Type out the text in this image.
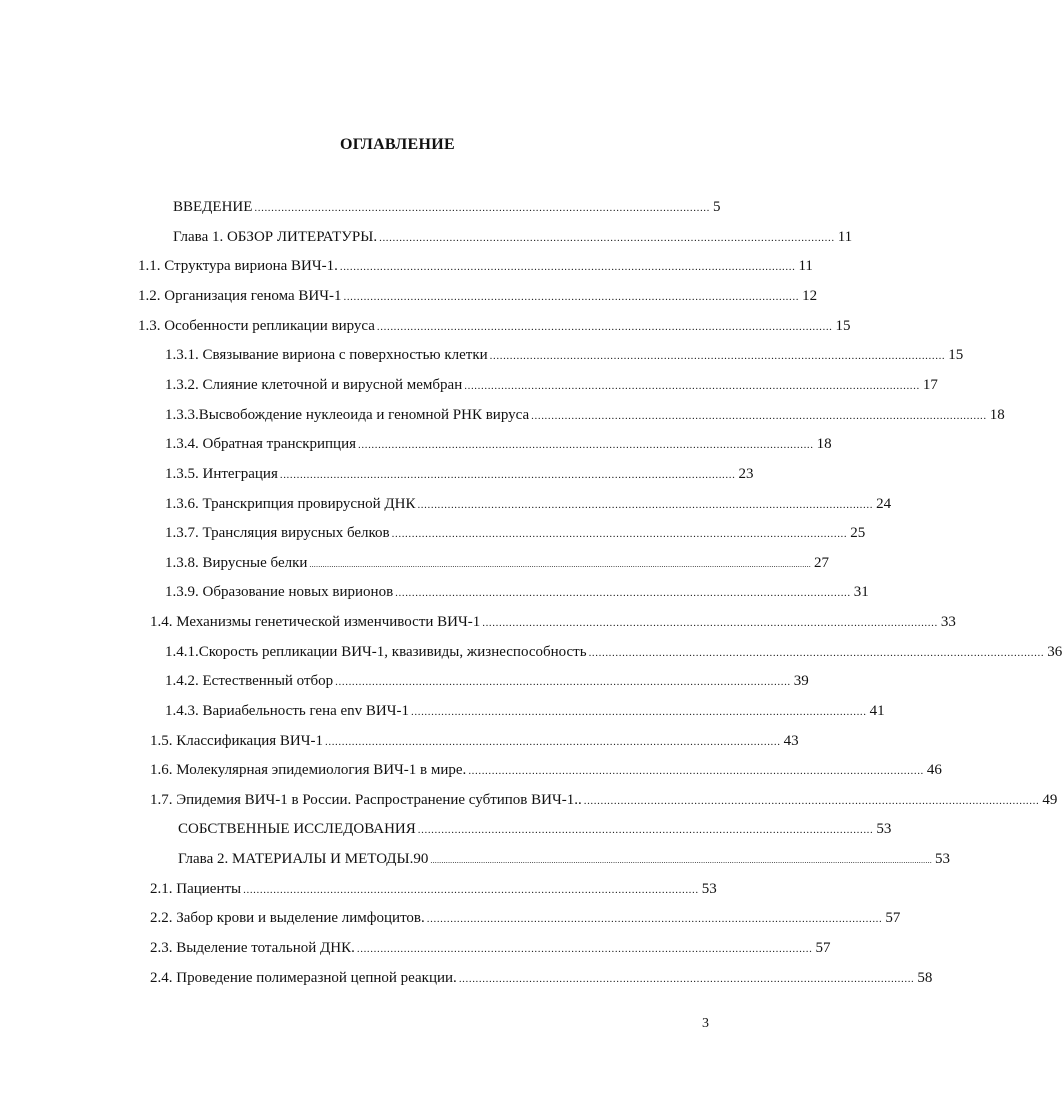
ОГЛАВЛЕНИЕ
ВВЕДЕНИЕ ........................................................................................................................................ 5
Глава 1. ОБЗОР ЛИТЕРАТУРЫ. ........................................................................................................................................ 11
1.1. Структура вириона ВИЧ-1. ........................................................................................................................................ 11
1.2. Организация генома ВИЧ-1 ........................................................................................................................................ 12
1.3. Особенности репликации вируса ........................................................................................................................................ 15
1.3.1. Связывание вириона с поверхностью клетки ........................................................................................................................................ 15
1.3.2. Слияние клеточной и вирусной мембран ........................................................................................................................................ 17
1.3.3.Высвобождение нуклеоида и геномной РНК вируса ........................................................................................................................................ 18
1.3.4. Обратная транскрипция ........................................................................................................................................ 18
1.3.5. Интеграция ........................................................................................................................................ 23
1.3.6. Транскрипция провирусной ДНК ........................................................................................................................................ 24
1.3.7. Трансляция вирусных белков ........................................................................................................................................ 25
1.3.8. Вирусные белки .................................................................................................................................................................................................................................... 27
1.3.9. Образование новых вирионов ........................................................................................................................................ 31
1.4. Механизмы генетической изменчивости ВИЧ-1 ........................................................................................................................................ 33
1.4.1.Скорость репликации ВИЧ-1, квазивиды, жизнеспособность ........................................................................................................................................ 36
1.4.2. Естественный отбор ........................................................................................................................................ 39
1.4.3. Вариабельность гена env ВИЧ-1 ........................................................................................................................................ 41
1.5. Классификация ВИЧ-1 ........................................................................................................................................ 43
1.6. Молекулярная эпидемиология ВИЧ-1 в мире. ........................................................................................................................................ 46
1.7. Эпидемия ВИЧ-1 в России. Распространение субтипов ВИЧ-1.. ........................................................................................................................................ 49
СОБСТВЕННЫЕ ИССЛЕДОВАНИЯ ........................................................................................................................................ 53
Глава 2. МАТЕРИАЛЫ И МЕТОДЫ.90 .................................................................................................................................................................................................................................... 53
2.1. Пациенты ........................................................................................................................................ 53
2.2. Забор крови и выделение лимфоцитов. ........................................................................................................................................ 57
2.3. Выделение тотальной ДНК. ........................................................................................................................................ 57
2.4. Проведение полимеразной цепной реакции. ........................................................................................................................................ 58
3
